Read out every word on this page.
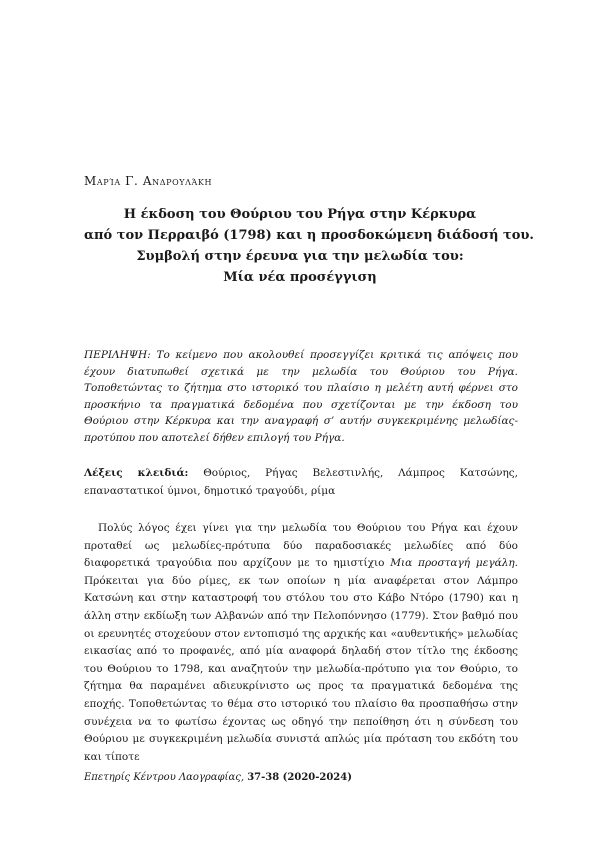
Μαρία Γ. Ανδρουλάκη
Η έκδοση του Θούριου του Ρήγα στην Κέρκυρα
από τον Περραιβό (1798) και η προσδοκώμενη διάδοσή του.
Συμβολή στην έρευνα για την μελωδία του:
Μία νέα προσέγγιση
ΠΕΡΙΛΗΨΗ: Το κείμενο που ακολουθεί προσεγγίζει κριτικά τις απόψεις που έχουν διατυπωθεί σχετικά με την μελωδία του Θούριου του Ρήγα. Τοποθετώντας το ζήτημα στο ιστορικό του πλαίσιο η μελέτη αυτή φέρνει στο προσκήνιο τα πραγματικά δεδομένα που σχετίζονται με την έκδοση του Θούριου στην Κέρκυρα και την αναγραφή σ’ αυτήν συγκεκριμένης μελωδίας-προτύπου που αποτελεί δήθεν επιλογή του Ρήγα.
Λέξεις κλειδιά: Θούριος, Ρήγας Βελεστινλής, Λάμπρος Κατσώνης, επαναστατικοί ύμνοι, δημοτικό τραγούδι, ρίμα
Πολύς λόγος έχει γίνει για την μελωδία του Θούριου του Ρήγα και έχουν προταθεί ως μελωδίες-πρότυπα δύο παραδοσιακές μελωδίες από δύο διαφορετικά τραγούδια που αρχίζουν με το ημιστίχιο Μια προσταγή μεγάλη. Πρόκειται για δύο ρίμες, εκ των οποίων η μία αναφέρεται στον Λάμπρο Κατσώνη και στην καταστροφή του στόλου του στο Κάβο Ντόρο (1790) και η άλλη στην εκδίωξη των Αλβανών από την Πελοπόννησο (1779). Στον βαθμό που οι ερευνητές στοχεύουν στον εντοπισμό της αρχικής και «αυθεντικής» μελωδίας εικασίας από το προφανές, από μία αναφορά δηλαδή στον τίτλο της έκδοσης του Θούριου το 1798, και αναζητούν την μελωδία-πρότυπο για τον Θούριο, το ζήτημα θα παραμένει αδιευκρίνιστο ως προς τα πραγματικά δεδομένα της εποχής. Τοποθετώντας το θέμα στο ιστορικό του πλαίσιο θα προσπαθήσω στην συνέχεια να το φωτίσω έχοντας ως οδηγό την πεποίθηση ότι η σύνδεση του Θούριου με συγκεκριμένη μελωδία συνιστά απλώς μία πρόταση του εκδότη του και τίποτε
Επετηρίς Κέντρου Λαογραφίας, 37-38 (2020-2024)
